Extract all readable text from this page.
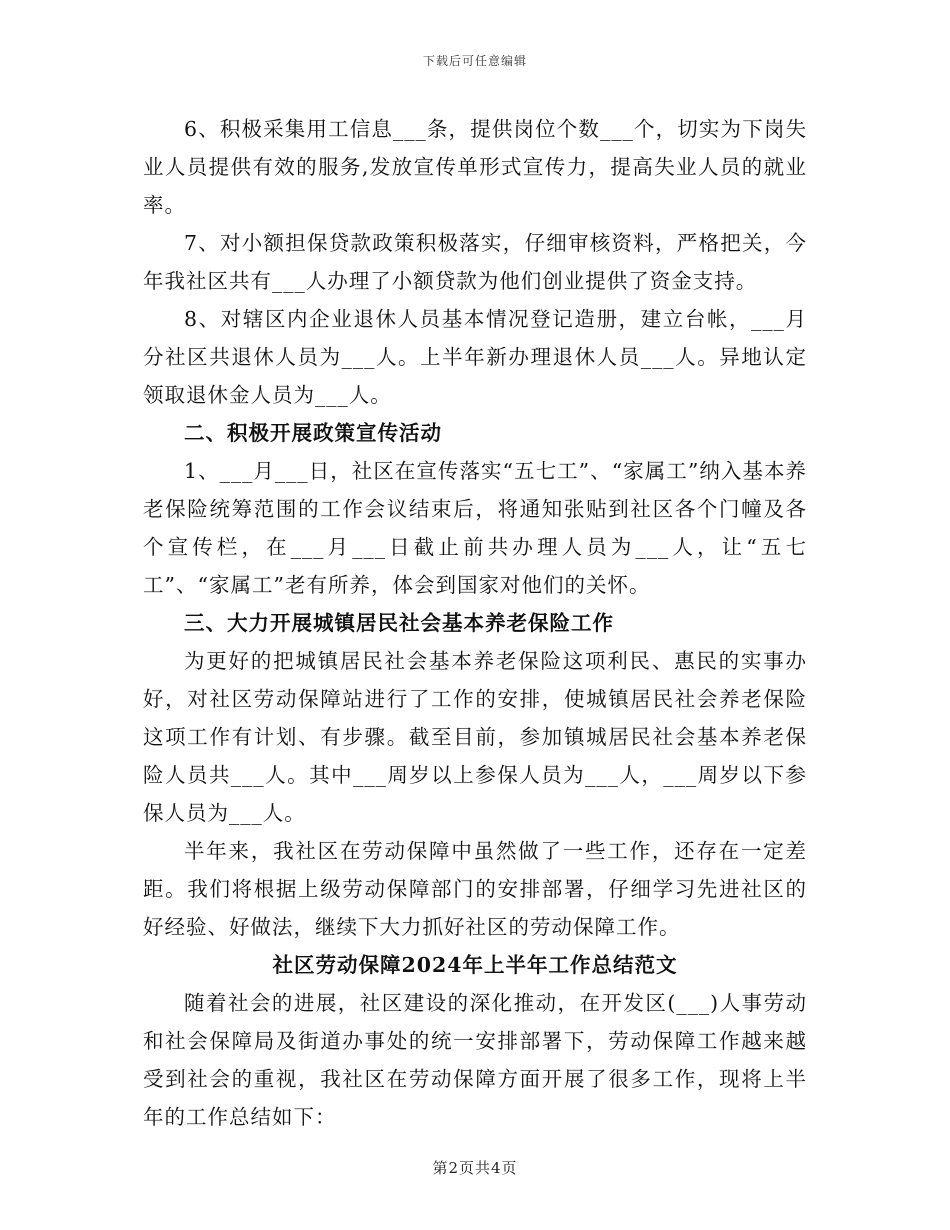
下载后可任意编辑

6、积极采集用工信息___条，提供岗位个数___个，切实为下岗失业人员提供有效的服务,发放宣传单形式宣传力，提高失业人员的就业率。

7、对小额担保贷款政策积极落实，仔细审核资料，严格把关，今年我社区共有___人办理了小额贷款为他们创业提供了资金支持。

8、对辖区内企业退休人员基本情况登记造册，建立台帐，___月分社区共退休人员为___人。上半年新办理退休人员___人。异地认定领取退休金人员为___人。

二、积极开展政策宣传活动

1、___月___日，社区在宣传落实“五七工”、“家属工”纳入基本养老保险统筹范围的工作会议结束后，将通知张贴到社区各个门幢及各个宣传栏，在___月___日截止前共办理人员为___人，让“五七工”、“家属工”老有所养，体会到国家对他们的关怀。

三、大力开展城镇居民社会基本养老保险工作

为更好的把城镇居民社会基本养老保险这项利民、惠民的实事办好，对社区劳动保障站进行了工作的安排，使城镇居民社会养老保险这项工作有计划、有步骤。截至目前，参加镇城居民社会基本养老保险人员共___人。其中___周岁以上参保人员为___人，___周岁以下参保人员为___人。

半年来，我社区在劳动保障中虽然做了一些工作，还存在一定差距。我们将根据上级劳动保障部门的安排部署，仔细学习先进社区的好经验、好做法，继续下大力抓好社区的劳动保障工作。

社区劳动保障2024年上半年工作总结范文

随着社会的进展，社区建设的深化推动，在开发区(___)人事劳动和社会保障局及街道办事处的统一安排部署下，劳动保障工作越来越受到社会的重视，我社区在劳动保障方面开展了很多工作，现将上半年的工作总结如下：

第2页共4页
